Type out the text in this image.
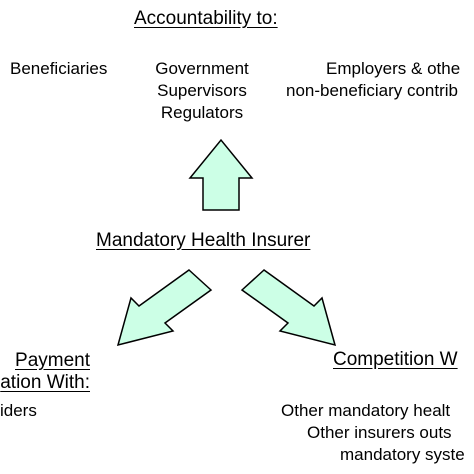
Accountability to:
Beneficiaries	Government
Supervisors
Regulators
Employers & othe
non-beneficiary contrib
Mandatory Health Insurer
Payment
ation With:
iders
Competition W
Other mandatory healt
Other insurers outs
mandatory syste
